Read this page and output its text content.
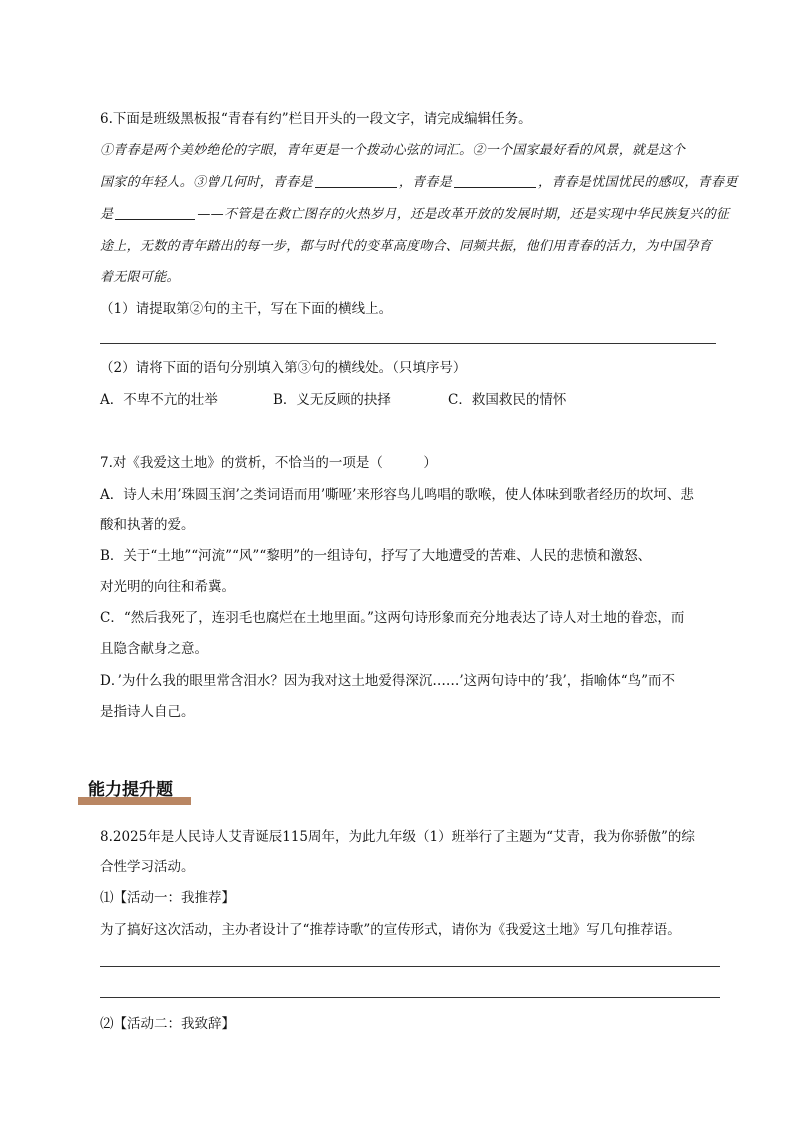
6.下面是班级黑板报“青春有约”栏目开头的一段文字，请完成编辑任务。
①青春是两个美妙绝伦的字眼，青年更是一个拨动心弦的词汇。②一个国家最好看的风景，就是这个
国家的年轻人。③曾几何时，青春是	，青春是	，青春是忧国忧民的感叹，青春更
是	——不管是在救亡图存的火热岁月，还是改革开放的发展时期，还是实现中华民族复兴的征
途上，无数的青年踏出的每一步，都与时代的变革高度吻合、同频共振，他们用青春的活力，为中国孕育
着无限可能。
（1）请提取第②句的主干，写在下面的横线上。
（2）请将下面的语句分别填入第③句的横线处。（只填序号）
A．不卑不亢的壮举	B．义无反顾的抉择	C．救国救民的情怀
7.对《我爱这土地》的赏析，不恰当的一项是（　　　）
A．诗人未用’珠圆玉润’之类词语而用’嘶哑’来形容鸟儿鸣唱的歌喉，使人体味到歌者经历的坎坷、悲
酸和执著的爱。
B．关于“土地”“河流”“风”“黎明”的一组诗句，抒写了大地遭受的苦难、人民的悲愤和激怒、
对光明的向往和希冀。
C．“然后我死了，连羽毛也腐烂在土地里面。”这两句诗形象而充分地表达了诗人对土地的眷恋，而
且隐含献身之意。
D．’为什么我的眼里常含泪水？因为我对这土地爱得深沉……’这两句诗中的’我’，指喻体“鸟”而不
是指诗人自己。
能力提升题
8.2025年是人民诗人艾青诞辰115周年，为此九年级（1）班举行了主题为“艾青，我为你骄傲”的综
合性学习活动。
⑴【活动一：我推荐】
为了搞好这次活动，主办者设计了“推荐诗歌”的宣传形式，请你为《我爱这土地》写几句推荐语。
⑵【活动二：我致辞】
